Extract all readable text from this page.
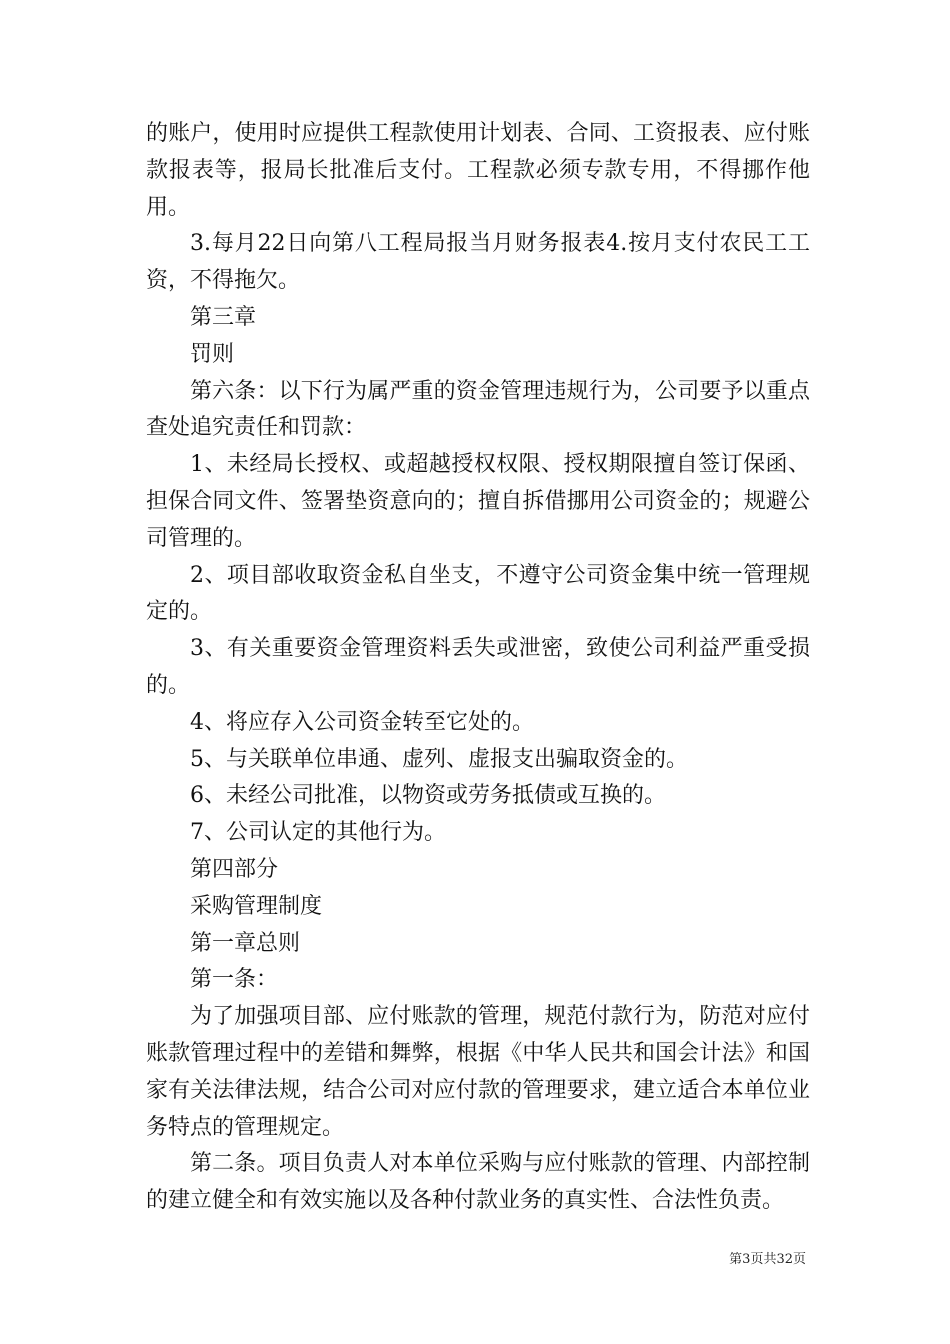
的账户，使用时应提供工程款使用计划表、合同、工资报表、应付账款报表等，报局长批准后支付。工程款必须专款专用，不得挪作他用。

3.每月22日向第八工程局报当月财务报表4.按月支付农民工工资，不得拖欠。

第三章

罚则

第六条：以下行为属严重的资金管理违规行为，公司要予以重点查处追究责任和罚款：

1、未经局长授权、或超越授权权限、授权期限擅自签订保函、担保合同文件、签署垫资意向的；擅自拆借挪用公司资金的；规避公司管理的。

2、项目部收取资金私自坐支，不遵守公司资金集中统一管理规定的。

3、有关重要资金管理资料丢失或泄密，致使公司利益严重受损的。

4、将应存入公司资金转至它处的。

5、与关联单位串通、虚列、虚报支出骗取资金的。

6、未经公司批准，以物资或劳务抵债或互换的。

7、公司认定的其他行为。

第四部分

采购管理制度

第一章总则

第一条：

为了加强项目部、应付账款的管理，规范付款行为，防范对应付账款管理过程中的差错和舞弊，根据《中华人民共和国会计法》和国家有关法律法规，结合公司对应付款的管理要求，建立适合本单位业务特点的管理规定。

第二条。项目负责人对本单位采购与应付账款的管理、内部控制的建立健全和有效实施以及各种付款业务的真实性、合法性负责。

第3页共32页
